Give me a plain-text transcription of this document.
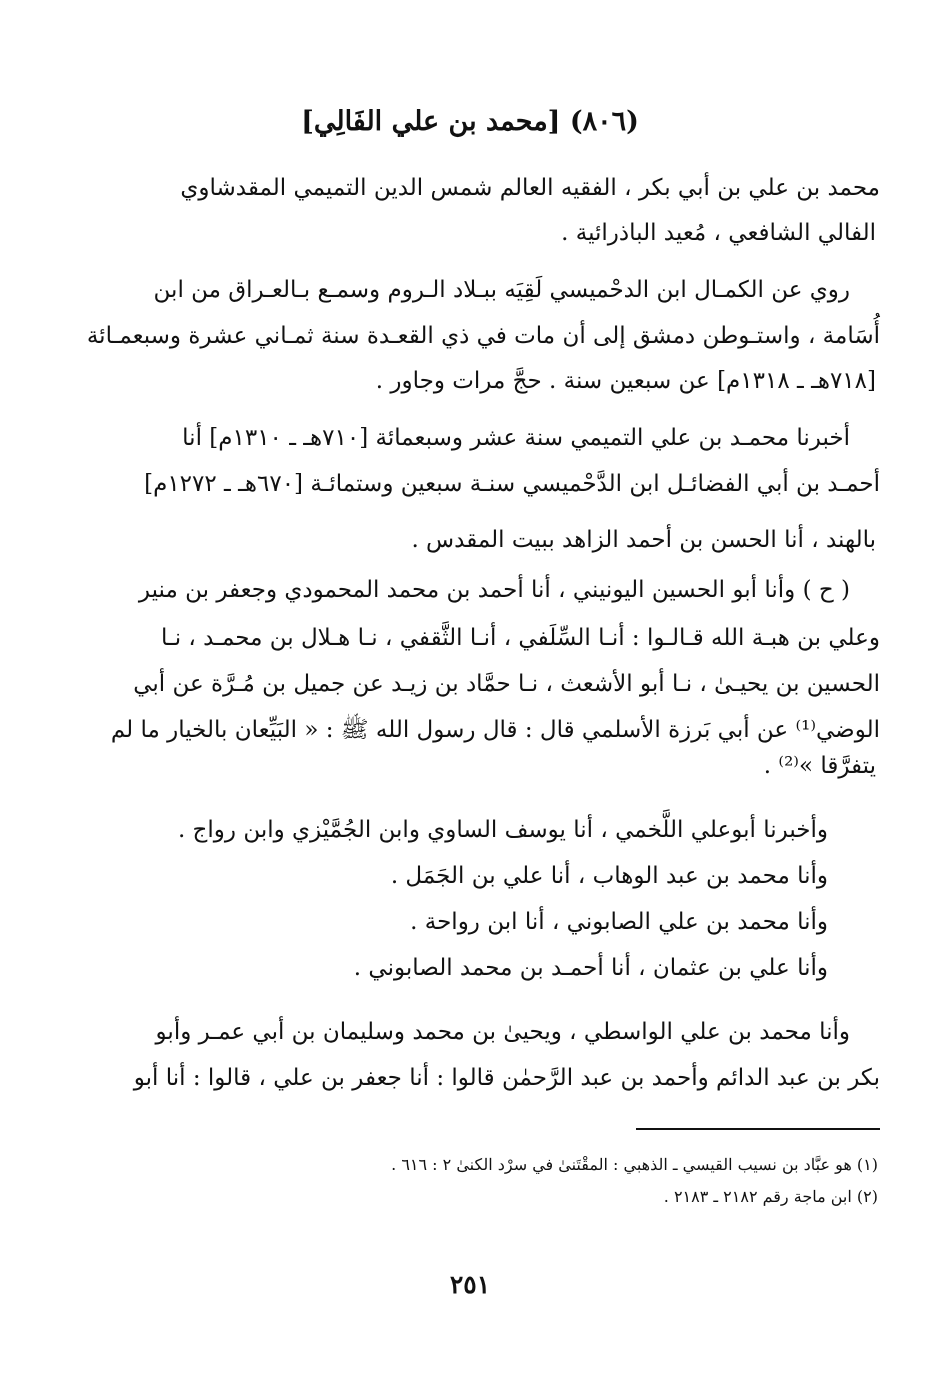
(٨٠٦) [محمد بن علي الفَالِي]
محمد بن علي بن أبي بكر ، الفقيه العالم شمس الدين التميمي المقدشاوي
الفالي الشافعي ، مُعيد الباذرائية .
روي عن الكمـال ابن الدحْميسي لَقِيَه ببـلاد الـروم وسمـع بـالعـراق من ابن
أُسَامة ، واستـوطن دمشق إلى أن مات في ذي القعـدة سنة ثمـاني عشرة وسبعمـائة
[٧١٨هـ ـ ١٣١٨م] عن سبعين سنة . حجَّ مرات وجاور .
أخبرنا محمـد بن علي التميمي سنة عشر وسبعمائة [٧١٠هـ ـ ١٣١٠م] أنا
أحمـد بن أبي الفضائـل ابن الدَّحْميسي سنـة سبعين وستمائـة [٦٧٠هـ ـ ١٢٧٢م]
بالهند ، أنا الحسن بن أحمد الزاهد ببيت المقدس .
( ح ) وأنا أبو الحسين اليونيني ، أنا أحمد بن محمد المحمودي وجعفر بن منير
وعلي بن هبـة الله قـالـوا : أنـا السِّلَفي ، أنـا الثَّقفي ، نـا هـلال بن محمـد ، نـا
الحسين بن يحيـىٰ ، نـا أبو الأشعث ، نـا حمَّاد بن زيـد عن جميل بن مُـرَّة عن أبي
الوضي⁽¹⁾ عن أبي بَرزة الأسلمي قال : قال رسول الله ﷺ : « البَيِّعان بالخيار ما لم
يتفرَّقا »⁽²⁾ .
وأخبرنا أبوعلي اللَّخمي ، أنا يوسف الساوي وابن الجُمَّيْزي وابن رواج .
وأنا محمد بن عبد الوهاب ، أنا علي بن الجَمَل .
وأنا محمد بن علي الصابوني ، أنا ابن رواحة .
وأنا علي بن عثمان ، أنا أحمـد بن محمد الصابوني .
وأنا محمد بن علي الواسطي ، ويحيىٰ بن محمد وسليمان بن أبي عمـر وأبو
بكر بن عبد الدائم وأحمد بن عبد الرَّحمٰن قالوا : أنا جعفر بن علي ، قالوا : أنا أبو
(١) هو عبَّاد بن نسيب القيسي ـ الذهبي : المقْتَنىٰ في سرْد الكنىٰ ٢ : ٦١٦ .
(٢) ابن ماجة رقم ٢١٨٢ ـ ٢١٨٣ .
٢٥١
